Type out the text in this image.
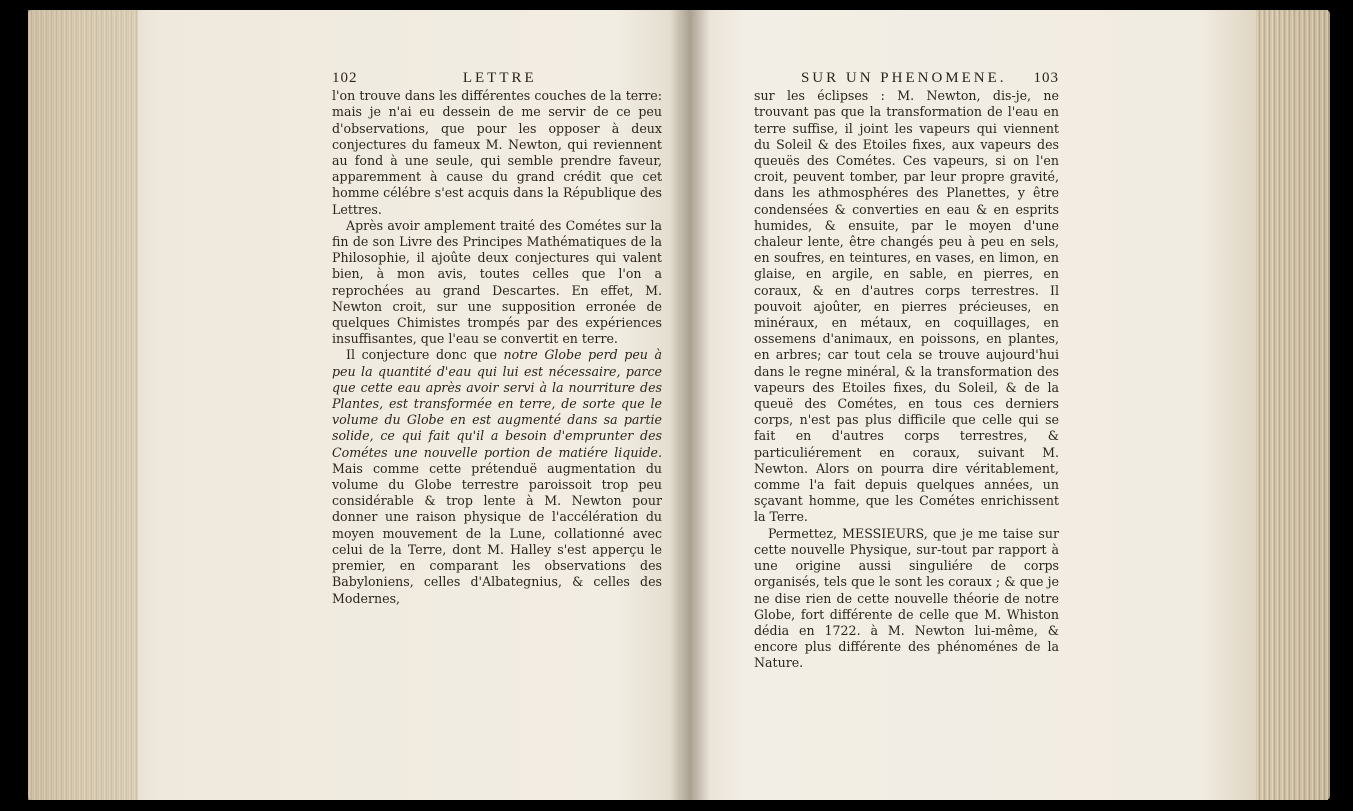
102	LETTRE

l'on trouve dans les différentes couches de la terre: mais je n'ai eu dessein de me servir de ce peu d'observations, que pour les opposer à deux conjectures du fameux M. Newton, qui reviennent au fond à une seule, qui semble prendre faveur, apparemment à cause du grand crédit que cet homme célébre s'est acquis dans la République des Lettres.

Après avoir amplement traité des Cométes sur la fin de son Livre des Principes Mathématiques de la Philosophie, il ajoûte deux conjectures qui valent bien, à mon avis, toutes celles que l'on a reprochées au grand Descartes. En effet, M. Newton croit, sur une supposition erronée de quelques Chimistes trompés par des expériences insuffisantes, que l'eau se convertit en terre.

Il conjecture donc que notre Globe perd peu à peu la quantité d'eau qui lui est nécessaire, parce que cette eau après avoir servi à la nourriture des Plantes, est transformée en terre, de sorte que le volume du Globe en est augmenté dans sa partie solide, ce qui fait qu'il a besoin d'emprunter des Cométes une nouvelle portion de matiére liquide. Mais comme cette prétenduë augmentation du volume du Globe terrestre paroissoit trop peu considérable & trop lente à M. Newton pour donner une raison physique de l'accélération du moyen mouvement de la Lune, collationné avec celui de la Terre, dont M. Halley s'est apperçu le premier, en comparant les observations des Babyloniens, celles d'Albategnius, & celles des Modernes,

SUR UN PHENOMENE. 103

sur les éclipses : M. Newton, dis-je, ne trouvant pas que la transformation de l'eau en terre suffise, il joint les vapeurs qui viennent du Soleil & des Etoiles fixes, aux vapeurs des queuës des Cométes. Ces vapeurs, si on l'en croit, peuvent tomber, par leur propre gravité, dans les athmosphéres des Planettes, y être condensées & converties en eau & en esprits humides, & ensuite, par le moyen d'une chaleur lente, être changés peu à peu en sels, en soufres, en teintures, en vases, en limon, en glaise, en argile, en sable, en pierres, en coraux, & en d'autres corps terrestres. Il pouvoit ajoûter, en pierres précieuses, en minéraux, en métaux, en coquillages, en ossemens d'animaux, en poissons, en plantes, en arbres; car tout cela se trouve aujourd'hui dans le regne minéral, & la transformation des vapeurs des Etoiles fixes, du Soleil, & de la queuë des Cométes, en tous ces derniers corps, n'est pas plus difficile que celle qui se fait en d'autres corps terrestres, & particuliérement en coraux, suivant M. Newton. Alors on pourra dire véritablement, comme l'a fait depuis quelques années, un sçavant homme, que les Cométes enrichissent la Terre.

Permettez, MESSIEURS, que je me taise sur cette nouvelle Physique, sur-tout par rapport à une origine aussi singuliére de corps organisés, tels que le sont les coraux ; & que je ne dise rien de cette nouvelle théorie de notre Globe, fort différente de celle que M. Whiston dédia en 1722. à M. Newton lui-même, & encore plus différente des phénoménes de la Nature.
